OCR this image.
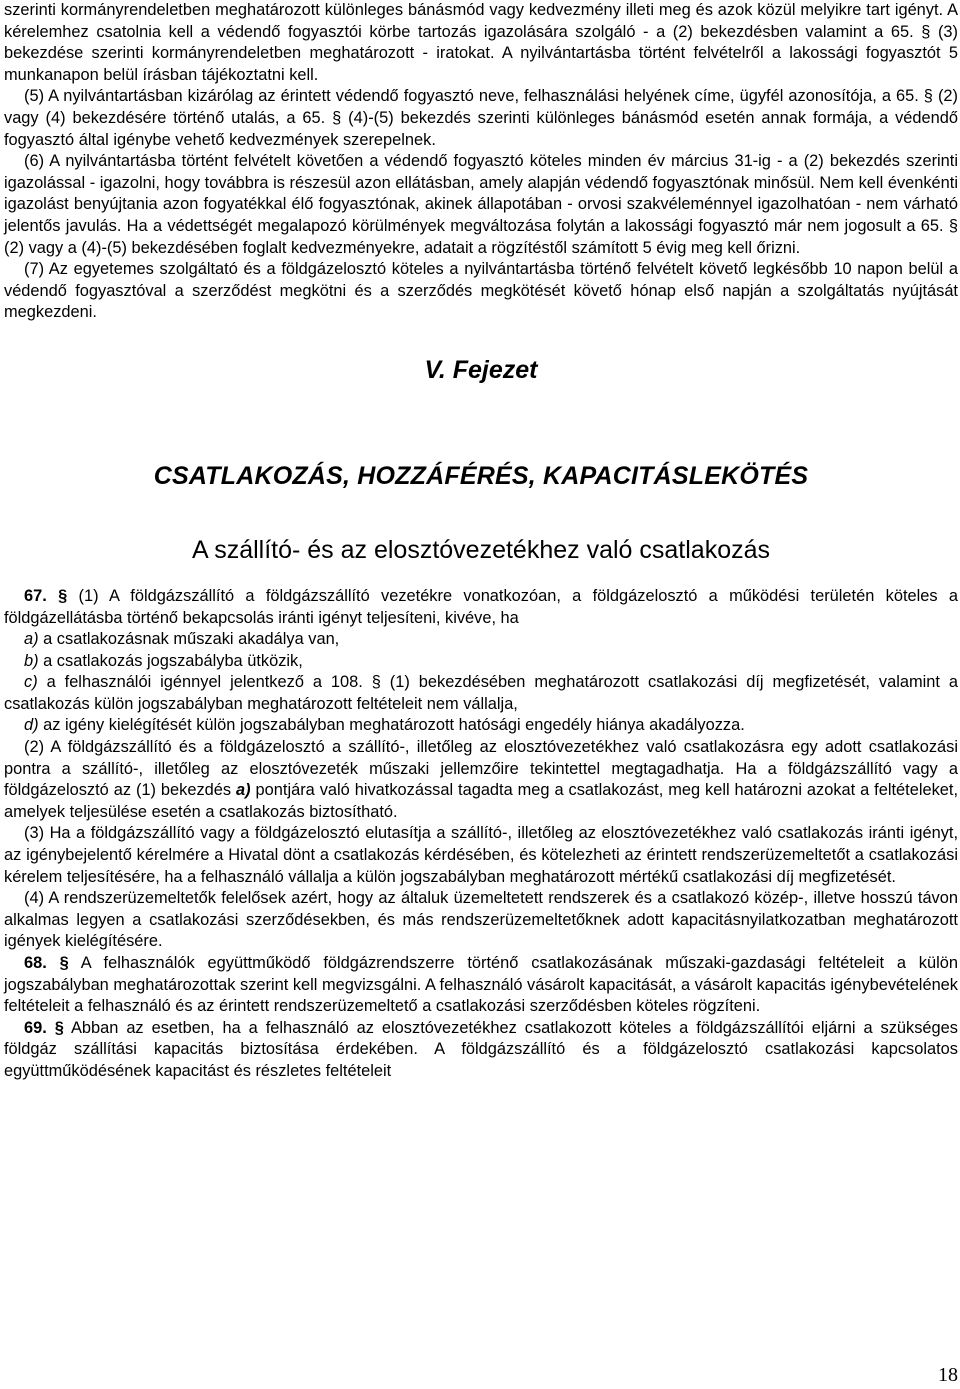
szerinti kormányrendeletben meghatározott különleges bánásmód vagy kedvezmény illeti meg és azok közül melyikre tart igényt. A kérelemhez csatolnia kell a védendő fogyasztói körbe tartozás igazolására szolgáló - a (2) bekezdésben valamint a 65. § (3) bekezdése szerinti kormányrendeletben meghatározott - iratokat. A nyilvántartásba történt felvételről a lakossági fogyasztót 5 munkanapon belül írásban tájékoztatni kell.

(5) A nyilvántartásban kizárólag az érintett védendő fogyasztó neve, felhasználási helyének címe, ügyfél azonosítója, a 65. § (2) vagy (4) bekezdésére történő utalás, a 65. § (4)-(5) bekezdés szerinti különleges bánásmód esetén annak formája, a védendő fogyasztó által igénybe vehető kedvezmények szerepelnek.

(6) A nyilvántartásba történt felvételt követően a védendő fogyasztó köteles minden év március 31-ig - a (2) bekezdés szerinti igazolással - igazolni, hogy továbbra is részesül azon ellátásban, amely alapján védendő fogyasztónak minősül. Nem kell évenkénti igazolást benyújtania azon fogyatékkal élő fogyasztónak, akinek állapotában - orvosi szakvéleménnyel igazolhatóan - nem várható jelentős javulás. Ha a védettségét megalapozó körülmények megváltozása folytán a lakossági fogyasztó már nem jogosult a 65. § (2) vagy a (4)-(5) bekezdésében foglalt kedvezményekre, adatait a rögzítéstől számított 5 évig meg kell őrizni.

(7) Az egyetemes szolgáltató és a földgázelosztó köteles a nyilvántartásba történő felvételt követő legkésőbb 10 napon belül a védendő fogyasztóval a szerződést megkötni és a szerződés megkötését követő hónap első napján a szolgáltatás nyújtását megkezdeni.

V. Fejezet
CSATLAKOZÁS, HOZZÁFÉRÉS, KAPACITÁSLEKÖTÉS
A szállító- és az elosztóvezetékhez való csatlakozás

67. § (1) A földgázszállító a földgázszállító vezetékre vonatkozóan, a földgázelosztó a működési területén köteles a földgázellátásba történő bekapcsolás iránti igényt teljesíteni, kivéve, ha

a) a csatlakozásnak műszaki akadálya van,

b) a csatlakozás jogszabályba ütközik,

c) a felhasználói igénnyel jelentkező a 108. § (1) bekezdésében meghatározott csatlakozási díj megfizetését, valamint a csatlakozás külön jogszabályban meghatározott feltételeit nem vállalja,

d) az igény kielégítését külön jogszabályban meghatározott hatósági engedély hiánya akadályozza.

(2) A földgázszállító és a földgázelosztó a szállító-, illetőleg az elosztóvezetékhez való csatlakozásra egy adott csatlakozási pontra a szállító-, illetőleg az elosztóvezeték műszaki jellemzőire tekintettel megtagadhatja. Ha a földgázszállító vagy a földgázelosztó az (1) bekezdés a) pontjára való hivatkozással tagadta meg a csatlakozást, meg kell határozni azokat a feltételeket, amelyek teljesülése esetén a csatlakozás biztosítható.

(3) Ha a földgázszállító vagy a földgázelosztó elutasítja a szállító-, illetőleg az elosztóvezetékhez való csatlakozás iránti igényt, az igénybejelentő kérelmére a Hivatal dönt a csatlakozás kérdésében, és kötelezheti az érintett rendszerüzemeltetőt a csatlakozási kérelem teljesítésére, ha a felhasználó vállalja a külön jogszabályban meghatározott mértékű csatlakozási díj megfizetését.

(4) A rendszerüzemeltetők felelősek azért, hogy az általuk üzemeltetett rendszerek és a csatlakozó közép-, illetve hosszú távon alkalmas legyen a csatlakozási szerződésekben, és más rendszerüzemeltetőknek adott kapacitásnyilatkozatban meghatározott igények kielégítésére.

68. § A felhasználók együttműködő földgázrendszerre történő csatlakozásának műszaki-gazdasági feltételeit a külön jogszabályban meghatározottak szerint kell megvizsgálni. A felhasználó vásárolt kapacitását, a vásárolt kapacitás igénybevételének feltételeit a felhasználó és az érintett rendszerüzemeltető a csatlakozási szerződésben köteles rögzíteni.

69. § Abban az esetben, ha a felhasználó az elosztóvezetékhez csatlakozott köteles a földgázszállítói eljárni a szükséges földgáz szállítási kapacitás biztosítása érdekében. A földgázszállító és a földgázelosztó csatlakozási kapcsolatos együttműködésének kapacitást és részletes feltételeit

18
